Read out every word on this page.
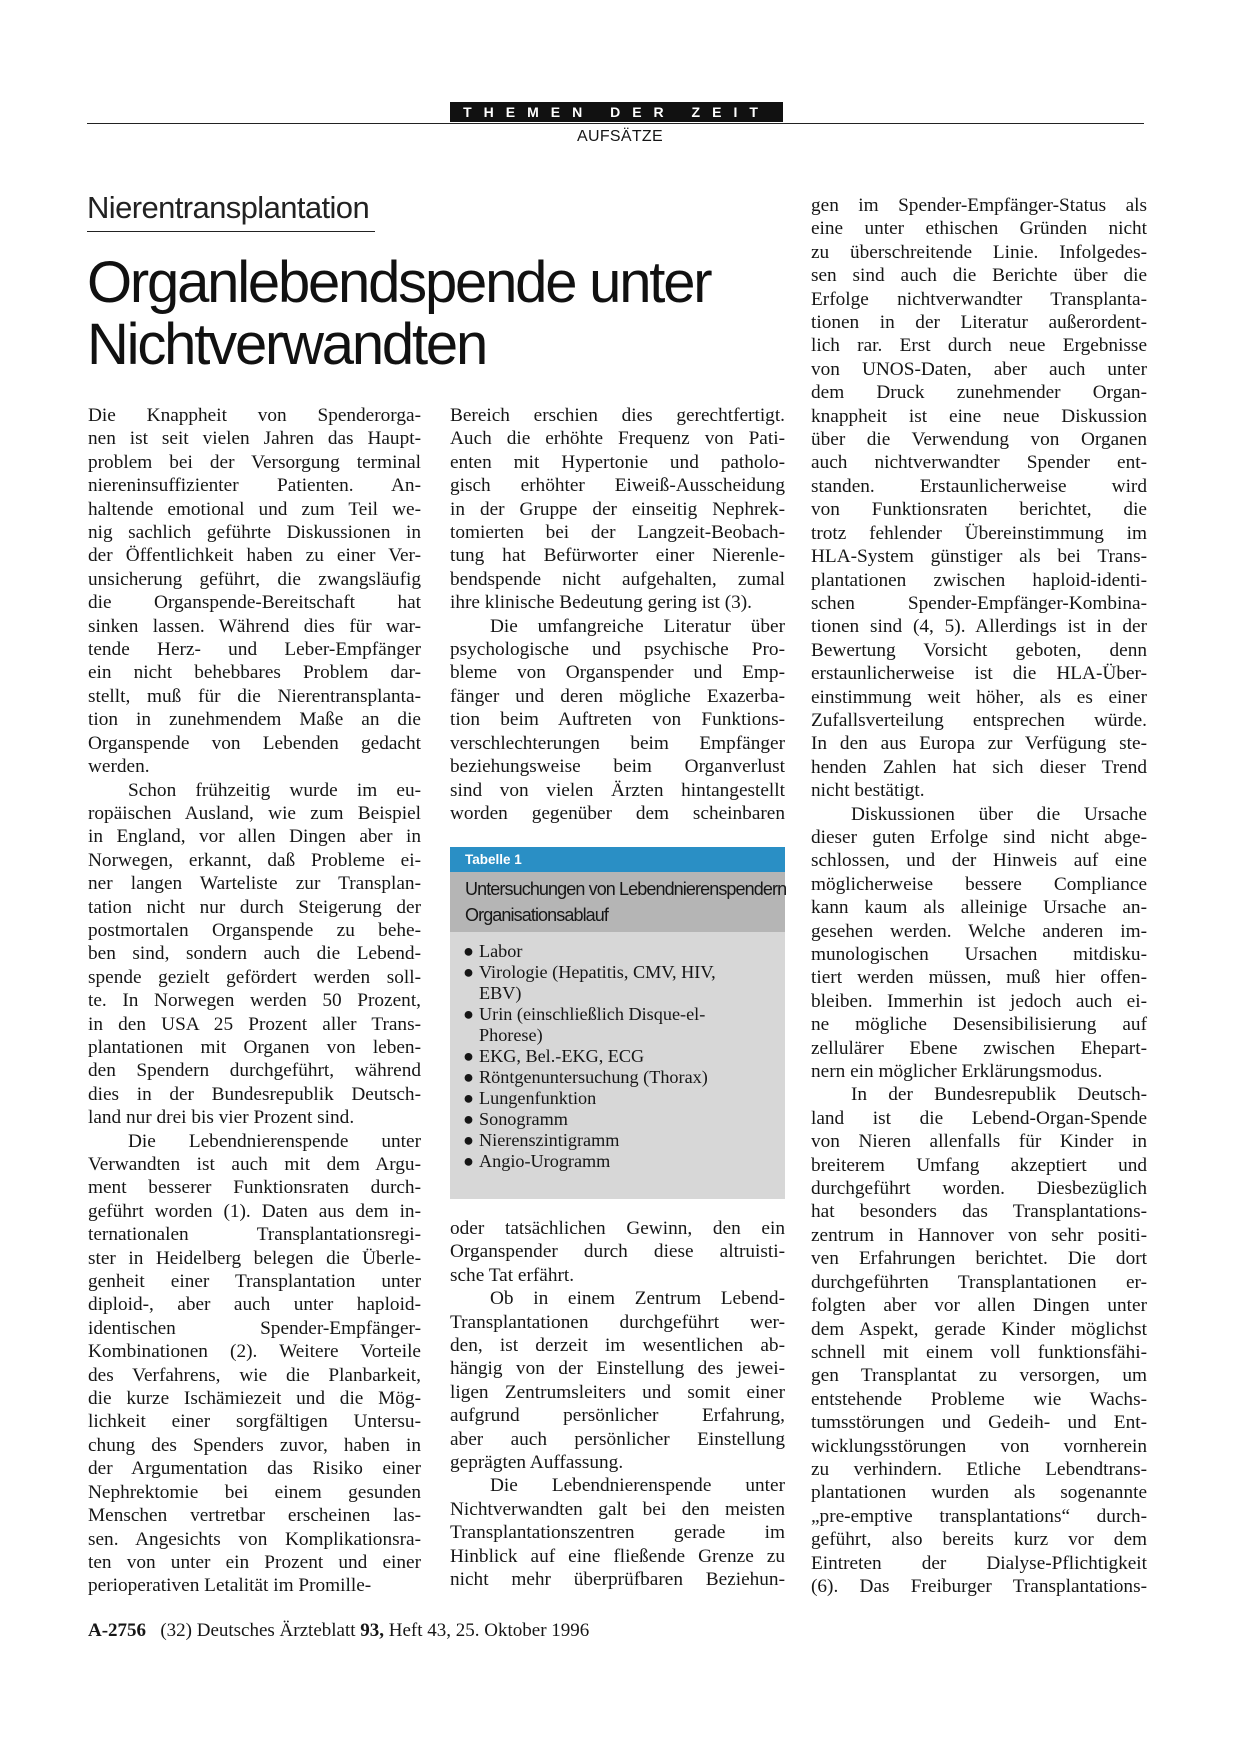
THEMEN DER ZEIT
AUFSÄTZE
Nierentransplantation
Organlebendspende unter
Nichtverwandten
Die Knappheit von Spenderorga-
nen ist seit vielen Jahren das Haupt-
problem bei der Versorgung terminal
niereninsuffizienter Patienten. An-
haltende emotional und zum Teil we-
nig sachlich geführte Diskussionen in
der Öffentlichkeit haben zu einer Ver-
unsicherung geführt, die zwangsläufig
die Organspende-Bereitschaft hat
sinken lassen. Während dies für war-
tende Herz- und Leber-Empfänger
ein nicht behebbares Problem dar-
stellt, muß für die Nierentransplanta-
tion in zunehmendem Maße an die
Organspende von Lebenden gedacht
werden.
Schon frühzeitig wurde im eu-
ropäischen Ausland, wie zum Beispiel
in England, vor allen Dingen aber in
Norwegen, erkannt, daß Probleme ei-
ner langen Warteliste zur Transplan-
tation nicht nur durch Steigerung der
postmortalen Organspende zu behe-
ben sind, sondern auch die Lebend-
spende gezielt gefördert werden soll-
te. In Norwegen werden 50 Prozent,
in den USA 25 Prozent aller Trans-
plantationen mit Organen von leben-
den Spendern durchgeführt, während
dies in der Bundesrepublik Deutsch-
land nur drei bis vier Prozent sind.
Die Lebendnierenspende unter
Verwandten ist auch mit dem Argu-
ment besserer Funktionsraten durch-
geführt worden (1). Daten aus dem in-
ternationalen Transplantationsregi-
ster in Heidelberg belegen die Überle-
genheit einer Transplantation unter
diploid-, aber auch unter haploid-
identischen Spender-Empfänger-
Kombinationen (2). Weitere Vorteile
des Verfahrens, wie die Planbarkeit,
die kurze Ischämiezeit und die Mög-
lichkeit einer sorgfältigen Untersu-
chung des Spenders zuvor, haben in
der Argumentation das Risiko einer
Nephrektomie bei einem gesunden
Menschen vertretbar erscheinen las-
sen. Angesichts von Komplikationsra-
ten von unter ein Prozent und einer
perioperativen Letalität im Promille-
Bereich erschien dies gerechtfertigt.
Auch die erhöhte Frequenz von Pati-
enten mit Hypertonie und patholo-
gisch erhöhter Eiweiß-Ausscheidung
in der Gruppe der einseitig Nephrek-
tomierten bei der Langzeit-Beobach-
tung hat Befürworter einer Nierenle-
bendspende nicht aufgehalten, zumal
ihre klinische Bedeutung gering ist (3).
Die umfangreiche Literatur über
psychologische und psychische Pro-
bleme von Organspender und Emp-
fänger und deren mögliche Exazerba-
tion beim Auftreten von Funktions-
verschlechterungen beim Empfänger
beziehungsweise beim Organverlust
sind von vielen Ärzten hintangestellt
worden gegenüber dem scheinbaren
oder tatsächlichen Gewinn, den ein
Organspender durch diese altruisti-
sche Tat erfährt.
Ob in einem Zentrum Lebend-
Transplantationen durchgeführt wer-
den, ist derzeit im wesentlichen ab-
hängig von der Einstellung des jewei-
ligen Zentrumsleiters und somit einer
aufgrund persönlicher Erfahrung,
aber auch persönlicher Einstellung
geprägten Auffassung.
Die Lebendnierenspende unter
Nichtverwandten galt bei den meisten
Transplantationszentren gerade im
Hinblick auf eine fließende Grenze zu
nicht mehr überprüfbaren Beziehun-
gen im Spender-Empfänger-Status als
eine unter ethischen Gründen nicht
zu überschreitende Linie. Infolgedes-
sen sind auch die Berichte über die
Erfolge nichtverwandter Transplanta-
tionen in der Literatur außerordent-
lich rar. Erst durch neue Ergebnisse
von UNOS-Daten, aber auch unter
dem Druck zunehmender Organ-
knappheit ist eine neue Diskussion
über die Verwendung von Organen
auch nichtverwandter Spender ent-
standen. Erstaunlicherweise wird
von Funktionsraten berichtet, die
trotz fehlender Übereinstimmung im
HLA-System günstiger als bei Trans-
plantationen zwischen haploid-identi-
schen Spender-Empfänger-Kombina-
tionen sind (4, 5). Allerdings ist in der
Bewertung Vorsicht geboten, denn
erstaunlicherweise ist die HLA-Über-
einstimmung weit höher, als es einer
Zufallsverteilung entsprechen würde.
In den aus Europa zur Verfügung ste-
henden Zahlen hat sich dieser Trend
nicht bestätigt.
Diskussionen über die Ursache
dieser guten Erfolge sind nicht abge-
schlossen, und der Hinweis auf eine
möglicherweise bessere Compliance
kann kaum als alleinige Ursache an-
gesehen werden. Welche anderen im-
munologischen Ursachen mitdisku-
tiert werden müssen, muß hier offen-
bleiben. Immerhin ist jedoch auch ei-
ne mögliche Desensibilisierung auf
zellulärer Ebene zwischen Ehepart-
nern ein möglicher Erklärungsmodus.
In der Bundesrepublik Deutsch-
land ist die Lebend-Organ-Spende
von Nieren allenfalls für Kinder in
breiterem Umfang akzeptiert und
durchgeführt worden. Diesbezüglich
hat besonders das Transplantations-
zentrum in Hannover von sehr positi-
ven Erfahrungen berichtet. Die dort
durchgeführten Transplantationen er-
folgten aber vor allen Dingen unter
dem Aspekt, gerade Kinder möglichst
schnell mit einem voll funktionsfähi-
gen Transplantat zu versorgen, um
entstehende Probleme wie Wachs-
tumsstörungen und Gedeih- und Ent-
wicklungsstörungen von vornherein
zu verhindern. Etliche Lebendtrans-
plantationen wurden als sogenannte
„pre-emptive transplantations“ durch-
geführt, also bereits kurz vor dem
Eintreten der Dialyse-Pflichtigkeit
(6). Das Freiburger Transplantations-
Tabelle 1
Untersuchungen von Lebendnierenspendern
Organisationsablauf
● Labor
● Virologie (Hepatitis, CMV, HIV,
EBV)
● Urin (einschließlich Disque-el-
Phorese)
● EKG, Bel.-EKG, ECG
● Röntgenuntersuchung (Thorax)
● Lungenfunktion
● Sonogramm
● Nierenszintigramm
● Angio-Urogramm
A-2756 (32) Deutsches Ärzteblatt 93, Heft 43, 25. Oktober 1996
